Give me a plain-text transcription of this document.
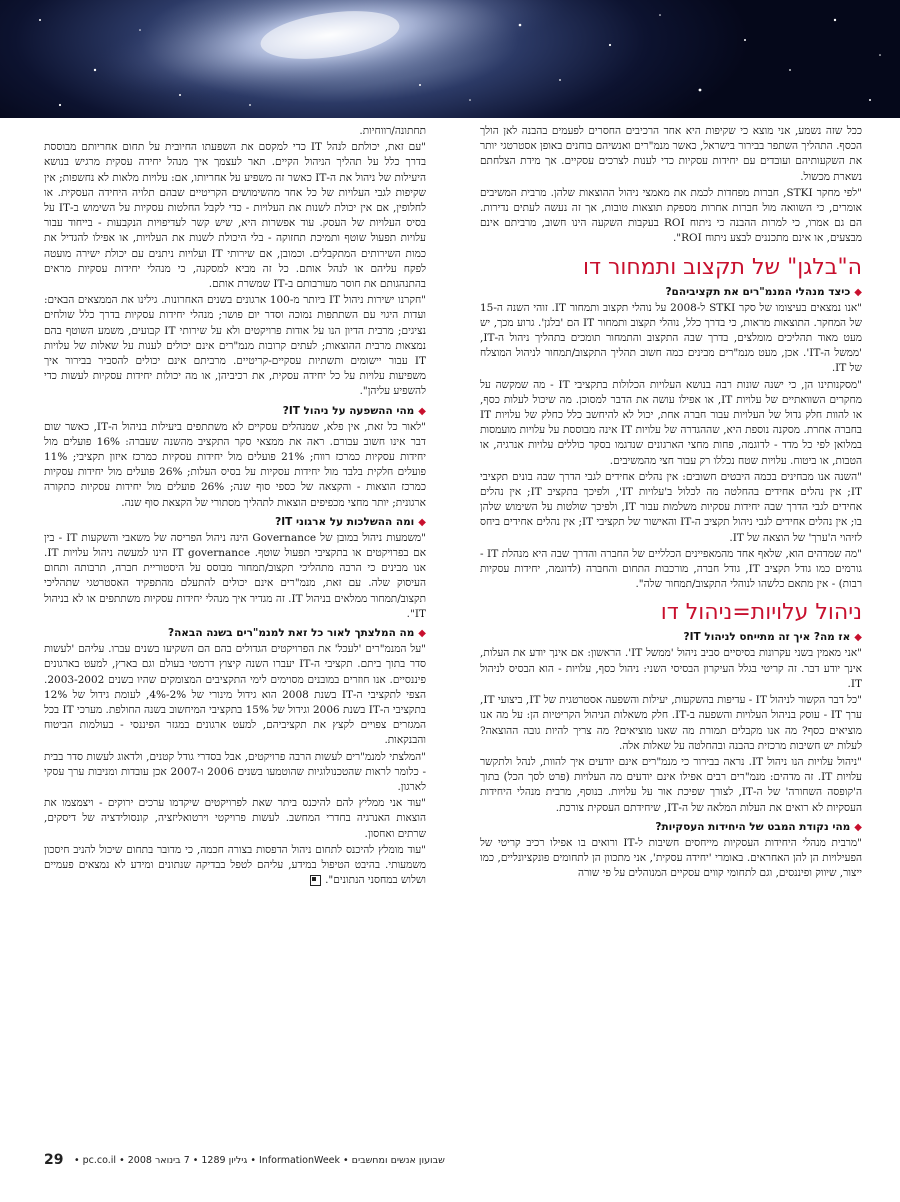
ככל שזה נשמע, אני מוצא כי שקיפות היא אחד הרכיבים החסרים לפעמים בהבנה לאן הולך הכסף. התהליך השתפר בבירור בישראל, כאשר מנמ"רים ואנשיהם בוחנים באופן אסטרטגי יותר את השקעותיהם ועובדים עם יחידות עסקיות כדי לענות לצרכים עסקיים. אך מידת הצלחתם נשארת מכשול.

"לפי מחקר STKI, חברות מפחדות לכמת את מאמצי ניהול ההוצאות שלהן. מרבית המשיבים אומרים, כי השוואה מול חברות אחרות מספקת תוצאות טובות, אך זה נעשה לעתים נדירות. הם גם אמרו, כי למרות ההבנה כי ניתוח ROI בעקבות השקעה הינו חשוב, מרביתם אינם מבצעים, או אינם מתכננים לבצע ניתוח ROI".

ה"בלגן" של תקצוב ותמחור דו
◆כיצד מנהלי המנמ"רים את תקציביהם?

"אנו נמצאים בעיצומו של סקר STKI ל-2008 על נוהלי תקצוב ותמחור IT. זוהי השנה ה-15 של המחקר. התוצאות מראות, כי בדרך כלל, נוהלי תקצוב ותמחור IT הם 'בלגן'. גרוע מכך, יש מעט מאוד תהליכים מומלצים, בדרך שבה התקצוב והתמחור תומכים בתהליך ניהול ה-IT, 'ממשל ה-IT'. אכן, מעט מנמ"רים מבינים כמה חשוב תהליך התקצוב/תמחור לניהול המוצלח של IT.

"מסקנותינו הן, כי ישנה שונות רבה בנושא העלויות הכלולות בתקציבי IT - מה שמקשה על מחקרים השוואתיים של עלויות IT, או אפילו עושה את הדבר למסוכן. מה שיכול לעלות כסף, או להוות חלק גדול של העלויות עבור חברה אחת, יכול לא להיחשב כלל כחלק של עלויות IT בחברה אחרת. מסקנה נוספת היא, שההגדרה של עלויות IT אינה מבוססת על עלויות מועמסות במלואן לפי כל מדד - לדוגמה, פחות מחצי הארגונים שנדגמו בסקר כוללים עלויות אנרגיה, או הטבות, או ביטוח. עלויות שטח נכללו רק עבור חצי מהמשיבים.

"השנה אנו מבחינים בכמה היבטים חשובים: אין נהלים אחידים לגבי הדרך שבה בונים תקציבי IT; אין נהלים אחידים בהחלטה מה לכלול ב'עלויות IT', ולפיכך בתקציב IT; אין נהלים אחידים לגבי הדרך שבה יחידות עסקיות משלמות עבור IT, ולפיכך שולטות על השימוש שלהן בו; אין נהלים אחידים לגבי ניהול תקציב ה-IT והאישור של תקציבי IT; אין נהלים אחידים ביחס לזיהוי ה'ערך' של הוצאה של IT.

"מה שמדהים הוא, שלאף אחד מהמאפיינים הכלליים של החברה והדרך שבה היא מנהלת IT - גורמים כמו גודל תקציב IT, גודל חברה, מורכבות התחום והחברה (לדוגמה, יחידות עסקיות רבות) - אין מתאם כלשהו לנוהלי התקצוב/תמחור שלה".

ניהול עלויות=ניהול דו
◆אז מה? איך זה מתייחס לניהול IT?

"אני מאמין בשני עקרונות בסיסיים סביב ניהול 'ממשל IT'. הראשון: אם אינך יודע את העלות, אינך יודע דבר. זה קריטי בגלל העיקרון הבסיסי השני: ניהול כסף, עלויות - הוא הבסיס לניהול IT.

"כל דבר הקשור לניהול IT - עדיפות בהשקעות, יעילות והשפעה אסטרטגית של IT, ביצועי IT, ערך IT - עוסק בניהול העלויות והשפעה ב-IT. חלק משאלות הניהול הקריטיות הן: על מה אנו מוציאים כסף? מה אנו מקבלים תמורת מה שאנו מוציאים? מה צריך להיות גובה ההוצאה? לעלות יש חשיבות מרכזית בהבנה ובהחלטה על שאלות אלה.

"ניהול עלויות הנו ניהול IT. נראה בבירור כי מנמ"רים אינם יודעים איך להוות, לנהל ולתקשר עלויות IT. זה מדהים: מנמ"רים רבים אפילו אינם יודעים מה העלויות (פרט לסך הכל) בתוך ה'קופסה השחורה' של ה-IT, לצורך שפיכת אור על עלויות. בנוסף, מרבית מנהלי היחידות העסקיות לא רואים את העלות המלאה של ה-IT, שיחידתם העסקית צורכת.

◆מהי נקודת המבט של היחידות העסקיות?

"מרבית מנהלי היחידות העסקיות מייחסים חשיבות ל-IT ורואים בו אפילו רכיב קריטי של הפעילויות הן להן האחראים. באומרי 'יחידה עסקית', אני מתכוון הן לתחומים פונקציונליים, כמו ייצור, שיווק ופיננסים, וגם לתחומי קווים עסקיים המנוהלים על פי שורה

תחתונה/רווחיות.

"עם זאת, יכולתם לנהל IT כדי למקסם את השפעתו החיובית על תחום אחריותם מבוססת בדרך כלל על תהליך הניהול הקיים. תאר לעצמך איך מנהל יחידה עסקית מרגיש בנושא היעילות של ניהול את ה-IT כאשר זה משפיע על אחריותו, אם: עלויות מלאות לא נחשפות; אין שקיפות לגבי העלויות של כל אחד מהשימושים הקריטיים שבהם תלויה היחידה העסקית. או לחלופין, אם אין יכולת לשנות את העלויות - כדי לקבל החלטות עסקיות על השימוש ב-IT על בסיס העלויות של העסק. עוד אפשרות היא, שיש קשר לעדיפויות הנקבעות - בייחוד עבור עלויות תפעול שוטף ותמיכת תחזוקה - בלי היכולת לשנות את העלויות, או אפילו להגדיל את כמות השירותים המתקבלים. וכמובן, אם שירותי IT ועלויות ניתנים עם יכולת ישירה מועטה לפקח עליהם או לנהל אותם. כל זה מביא למסקנה, כי מנהלי יחידות עסקיות מראים בהתנהגותם את חוסר מעורבותם ב-IT שמשרת אותם.

"חקרנו ישירות ניהול IT ביותר מ-100 ארגונים בשנים האחרונות. גילינו את הממצאים הבאים: ועדות היגוי עם השתתפות נמוכה וסדר יום פושר; מנהלי יחידות עסקיות בדרך כלל שולחים נציגים; מרבית הדיון הנו על אודות פרויקטים ולא על שירותי IT קבועים, משמע השוטף בהם נמצאות מרבית ההוצאות; לעתים קרובות מנמ"רים אינם יכולים לענות על שאלות של עלויות IT עבור יישומים ותשתיות עסקיים-קריטיים. מרביתם אינם יכולים להסביר בבירור איך משפיעות עלויות על כל יחידה עסקית, את רכיביהן, או מה יכולות יחידות עסקיות לעשות כדי להשפיע עליהן".

◆מהי ההשפעה על ניהול IT?

"לאור כל זאת, אין פלא, שמנהלים עסקיים לא משתתפים ביעילות בניהול ה-IT, כאשר שום דבר אינו חשוב עבורם. ראה את ממצאי סקר התקציב מהשנה שעברה: 16% פועלים מול יחידות עסקיות כמרכז רווח; 21% פועלים מול יחידות עסקיות כמרכז איזון תקציבי; 11% פועלים חלקית בלבד מול יחידות עסקיות על בסיס העלות; 26% פועלים מול יחידות עסקיות כמרכז הוצאות - והקצאה של כספי סוף שנה; 26% פועלים מול יחידות עסקיות כתקורה ארגונית; יותר מחצי מכפיפים הוצאות לתהליך מסתורי של הקצאת סוף שנה.

◆ומה ההשלכות על ארגוני IT?

"משמעות ניהול במובן של Governance הינה ניהול הפריסה של משאבי והשקעות IT - בין אם בפרויקטים או בתקציבי תפעול שוטף. IT governance הינו למעשה ניהול עלויות IT. אנו מבינים כי הרבה מתהליכי תקצוב/תמחור מבוסס על היסטוריית חברה, תרבותה ותחום העיסוק שלה. עם זאת, מנמ"רים אינם יכולים להתעלם מהתפקיד האסטרטגי שתהליכי תקצוב/תמחור ממלאים בניהול IT. זה מגדיר איך מנהלי יחידות עסקיות משתתפים או לא בניהול IT".

◆מה המלצתך לאור כל זאת למנמ"רים בשנה הבאה?

"על המנמ"רים 'לעכל' את הפרויקטים הגדולים בהם הם השקיעו בשנים עברו. עליהם 'לעשות סדר בתוך ביתם. תקציבי ה-IT יעברו השנה קיצוץ דרמטי בעולם וגם בארץ, למעט בארגונים פיננסיים. אנו חוזרים במובנים מסוימים לימי התקציבים המצומקים שהיו בשנים 2003-2002. הצפי לתקציבי ה-IT בשנת 2008 הוא גידול מינורי של 2%-4%, לעומת גידול של 12% בתקציבי ה-IT בשנת 2006 וגידול של 15% בתקציבי המיחשוב בשנה החולפת. מערכי IT בכל המגזרים צפויים לקצץ את תקציביהם, למעט ארגונים במגזר הפיננסי - בעולמות הביטוח והבנקאות.

"המלצתי למנמ"רים לעשות הרבה פרויקטים, אבל בסדרי גודל קטנים, ולדאוג לעשות סדר בבית - כלומר לראות שהטכנולוגיות שהוטמעו בשנים 2006 ו-2007 אכן עובדות ומניבות ערך עסקי לארגון.

"עוד אני ממליץ להם להיכנס ביתר שאת לפרויקטים שיקדמו ערכים ירוקים - ויצמצמו את הוצאות האנרגיה בחדרי המחשב. לעשות פרויקטי וירטואליזציה, קונסולידציה של דיסקים, שרתים ואחסון.

"עוד מומלץ להיכנס לתחום ניהול הדפסות בצורה חכמה, כי מדובר בתחום שיכול להניב חיסכון משמעותי. בהיבט הטיפול במידע, עליהם לטפל בבדיקה שנתונים ומידע לא נמצאים פעמיים ושלוש במחסני הנתונים".

29 שבועון אנשים ומחשבים • InformationWeek • גיליון 1289 • 7 בינואר 2008 • pc.co.il •
